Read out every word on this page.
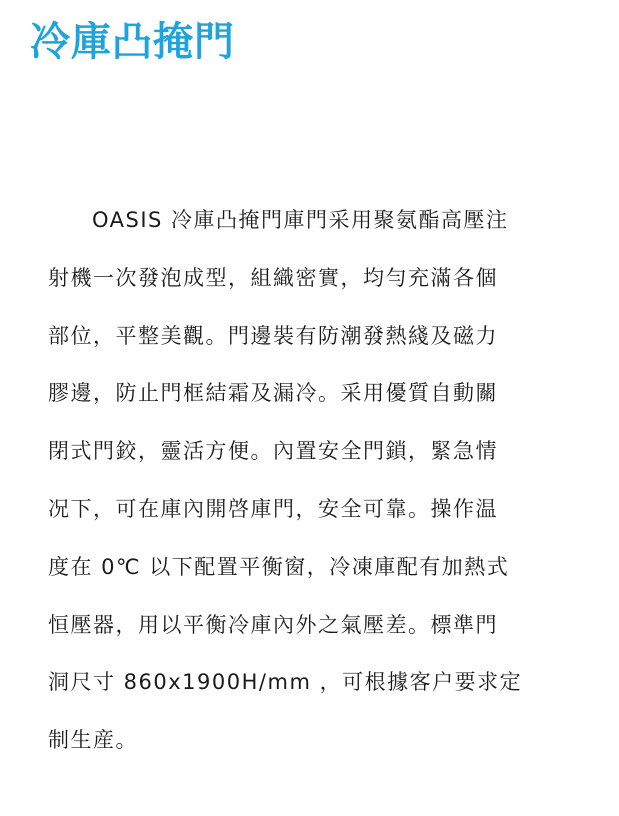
冷庫凸掩門
OASIS 冷庫凸掩門庫門采用聚氨酯高壓注
射機一次發泡成型，組織密實，均勻充滿各個
部位，平整美觀。門邊裝有防潮發熱綫及磁力
膠邊，防止門框結霜及漏冷。采用優質自動關
閉式門鉸，靈活方便。內置安全門鎖，緊急情
况下，可在庫內開啓庫門，安全可靠。操作温
度在 0℃ 以下配置平衡窗，冷凍庫配有加熱式
恒壓器，用以平衡冷庫內外之氣壓差。標準門
洞尺寸 860x1900H/mm ，可根據客户要求定
制生産。
